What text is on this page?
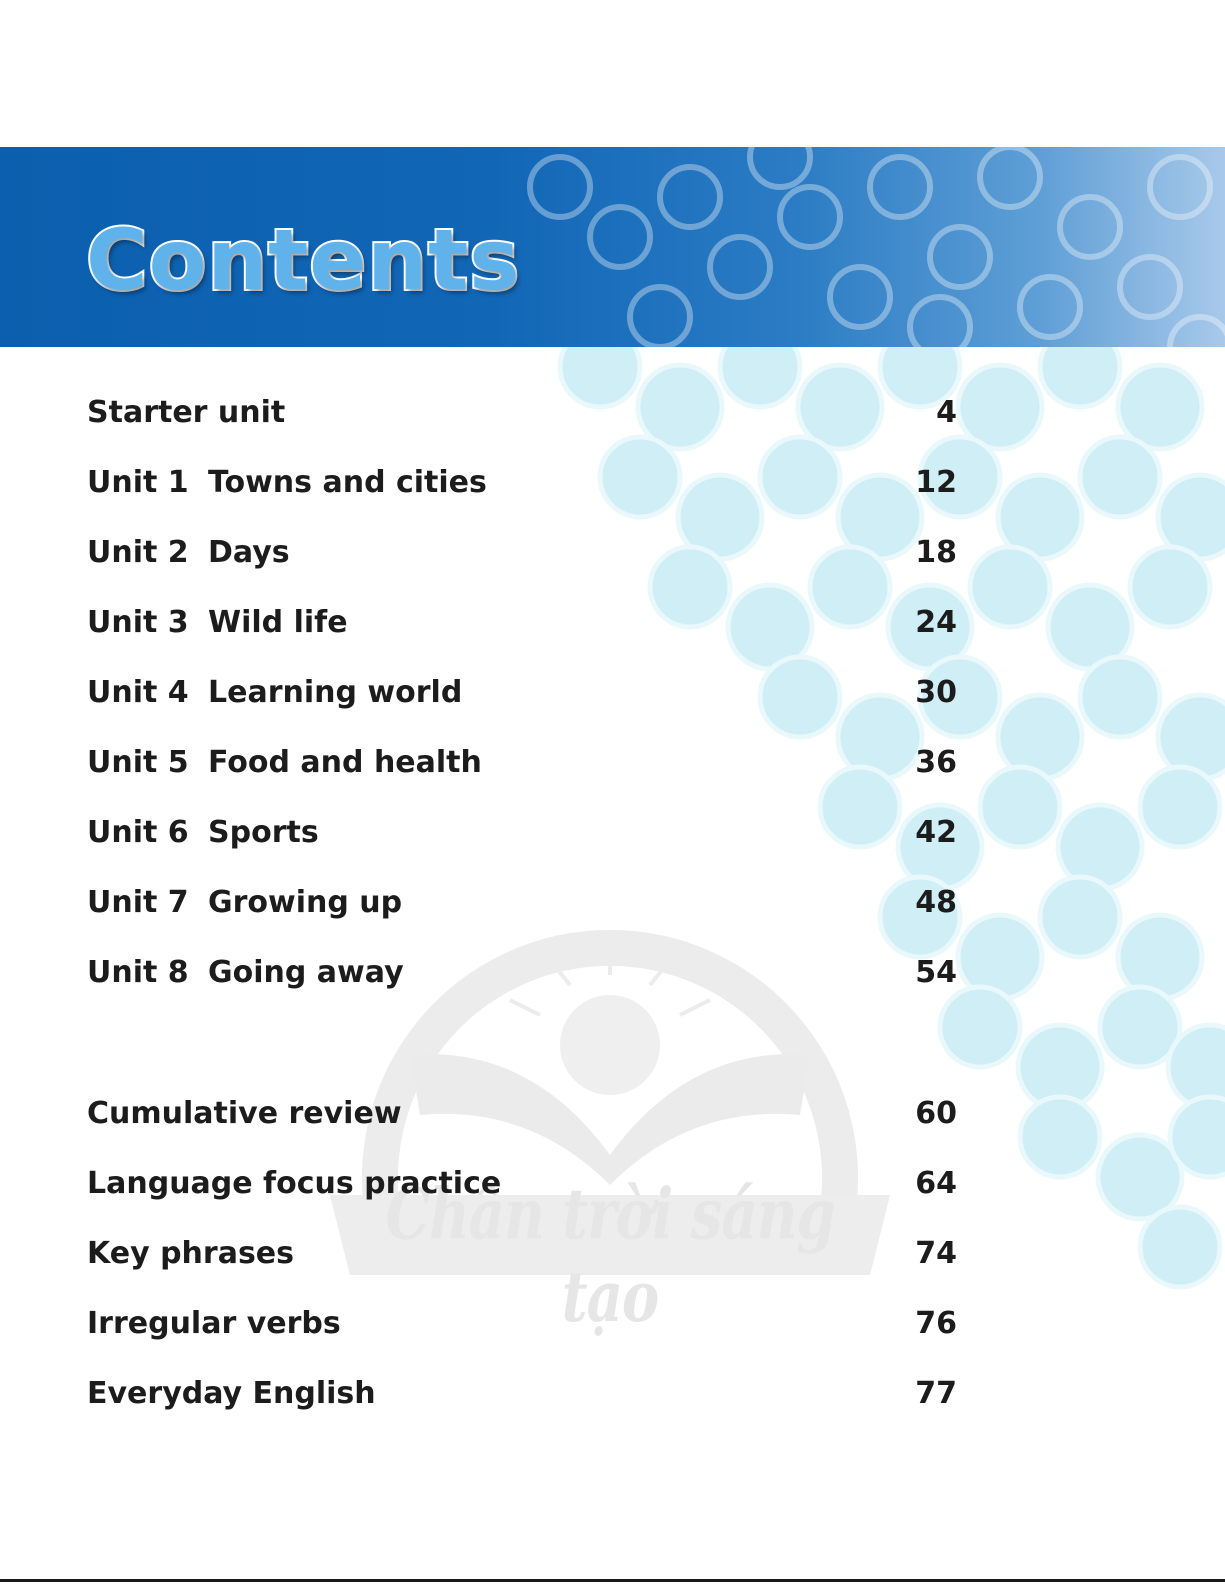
Contents
Chân trời sáng tạo
Starter unit	4
Unit 1 Towns and cities	12
Unit 2 Days	18
Unit 3 Wild life	24
Unit 4 Learning world	30
Unit 5 Food and health	36
Unit 6 Sports	42
Unit 7 Growing up	48
Unit 8 Going away	54
Cumulative review	60
Language focus practice	64
Key phrases	74
Irregular verbs	76
Everyday English	77
